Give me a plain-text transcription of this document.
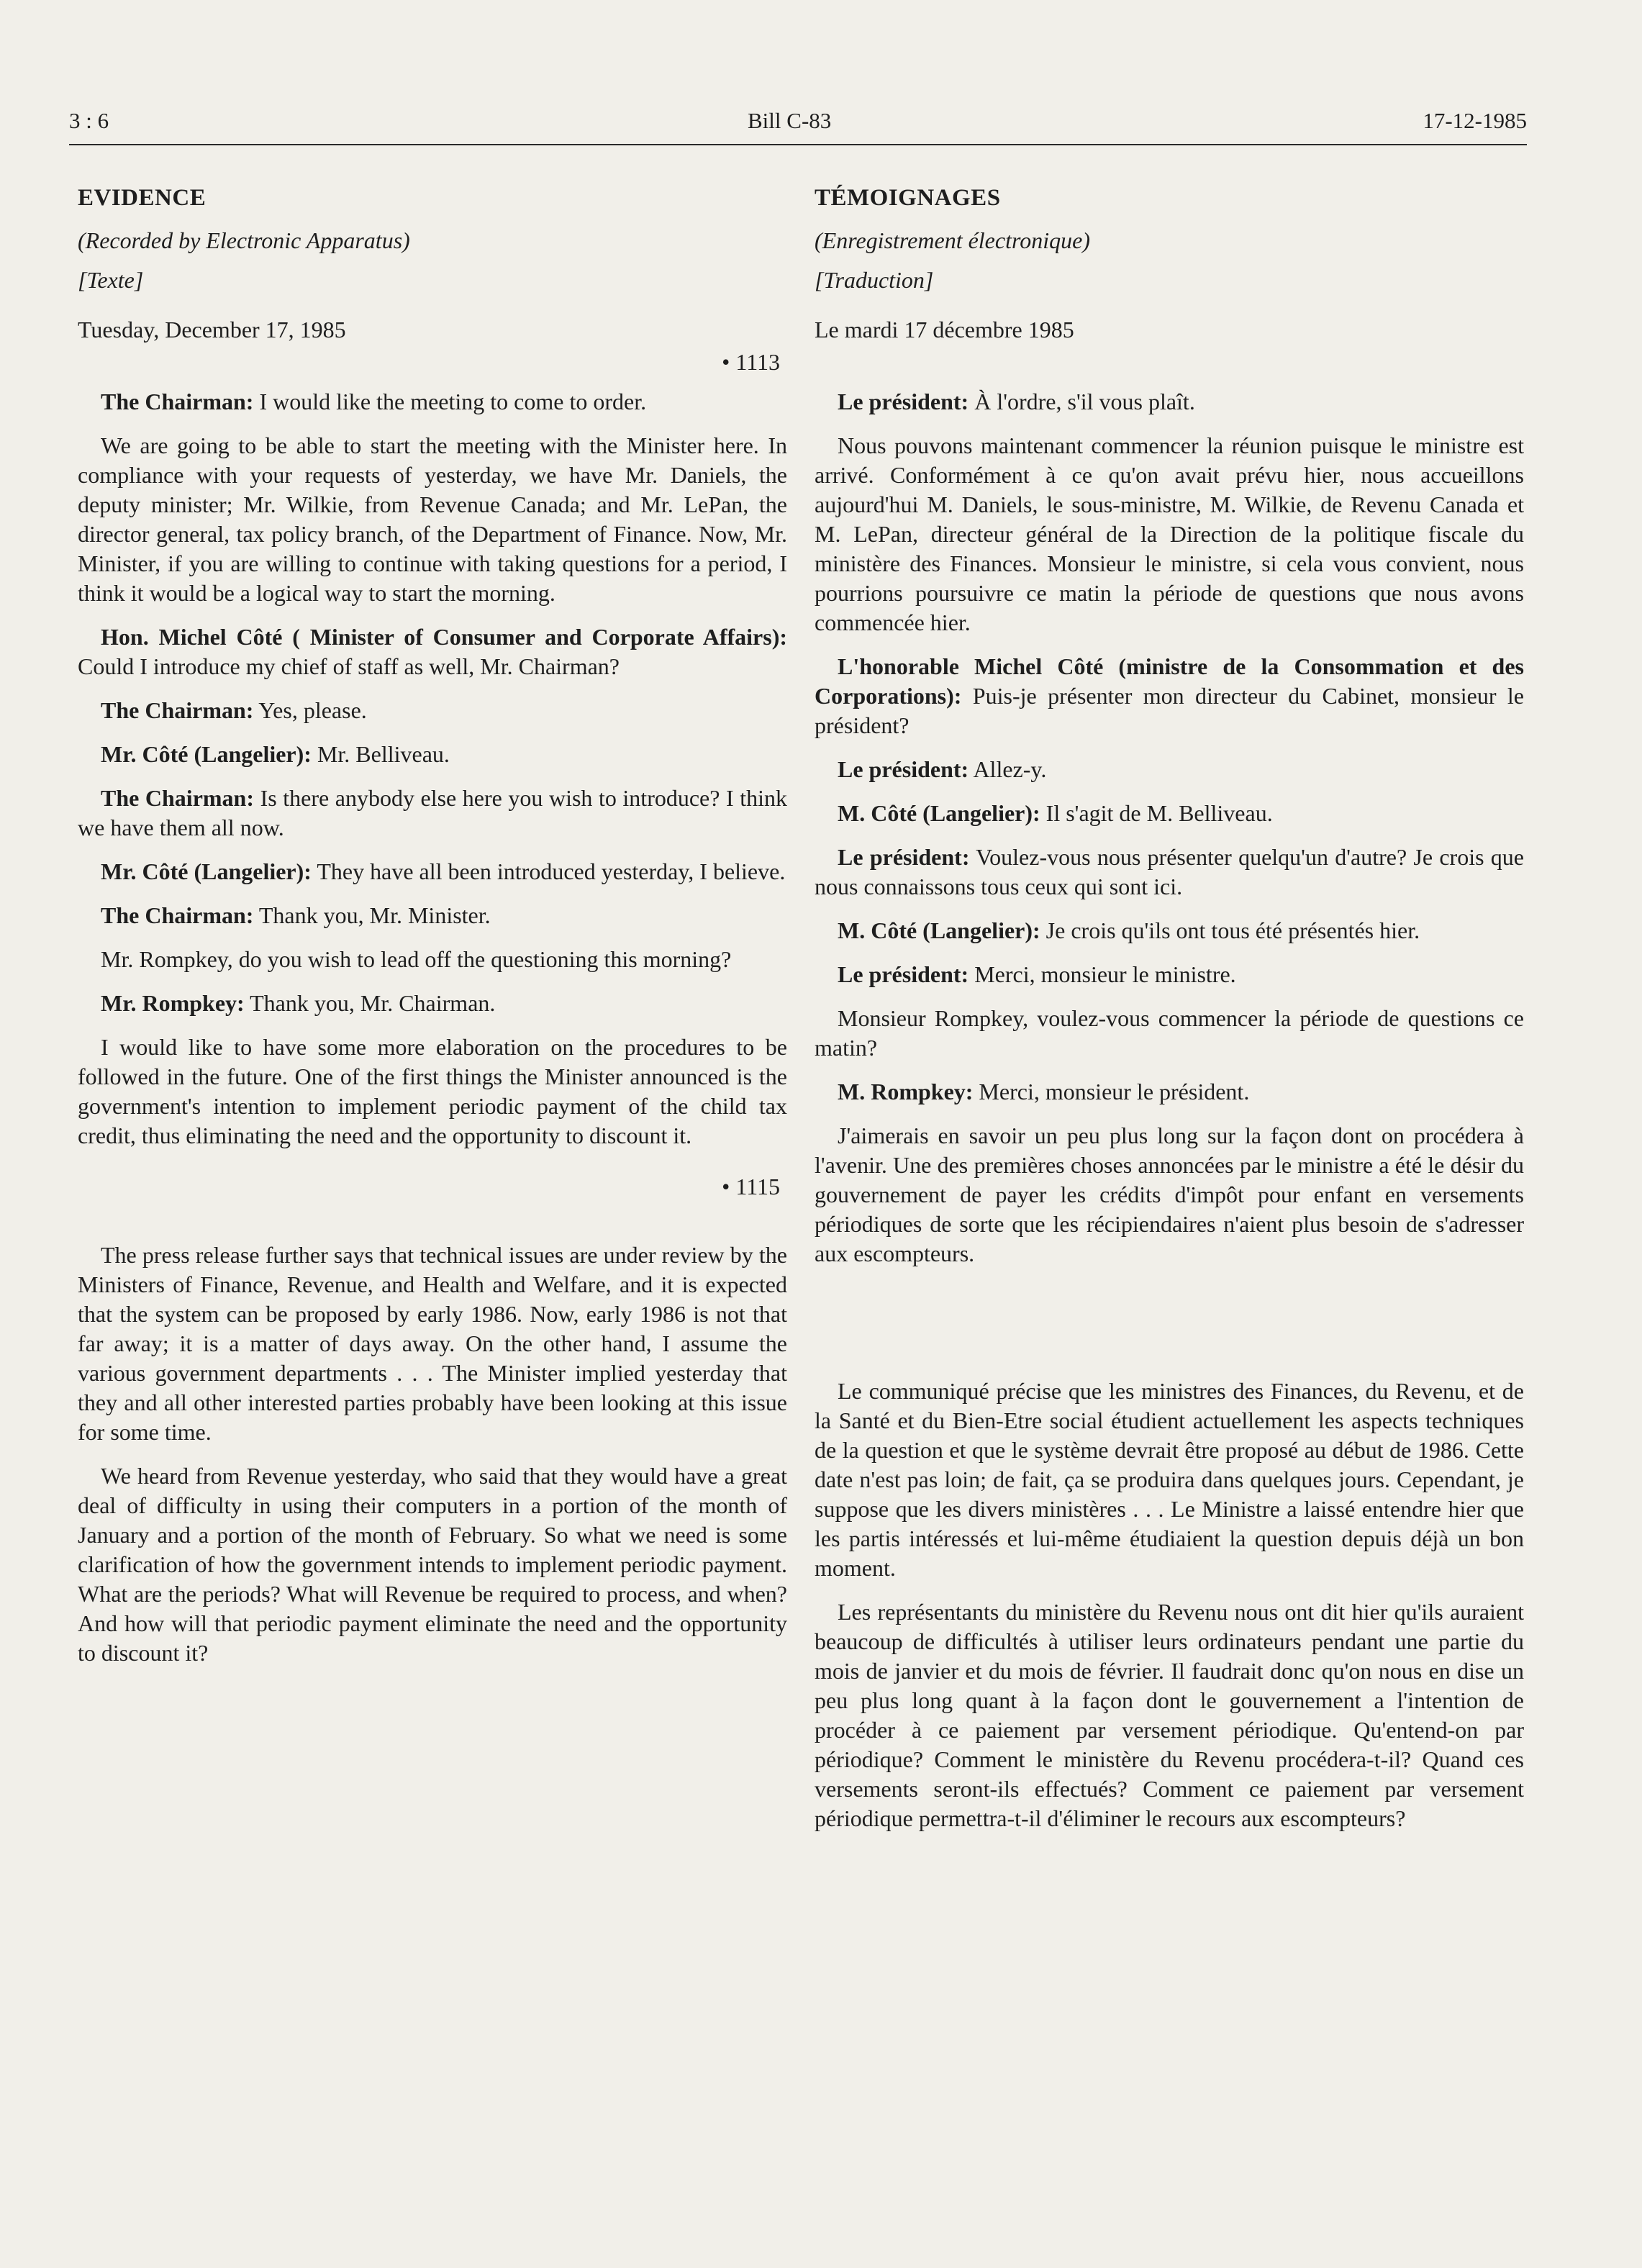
3 : 6	Bill C-83	17-12-1985
EVIDENCE
(Recorded by Electronic Apparatus)
[Texte]
Tuesday, December 17, 1985
• 1113

The Chairman: I would like the meeting to come to order.

We are going to be able to start the meeting with the Minister here. In compliance with your requests of yesterday, we have Mr. Daniels, the deputy minister; Mr. Wilkie, from Revenue Canada; and Mr. LePan, the director general, tax policy branch, of the Department of Finance. Now, Mr. Minister, if you are willing to continue with taking questions for a period, I think it would be a logical way to start the morning.

Hon. Michel Côté ( Minister of Consumer and Corporate Affairs): Could I introduce my chief of staff as well, Mr. Chairman?

The Chairman: Yes, please.

Mr. Côté (Langelier): Mr. Belliveau.

The Chairman: Is there anybody else here you wish to introduce? I think we have them all now.

Mr. Côté (Langelier): They have all been introduced yesterday, I believe.

The Chairman: Thank you, Mr. Minister.

Mr. Rompkey, do you wish to lead off the questioning this morning?

Mr. Rompkey: Thank you, Mr. Chairman.

I would like to have some more elaboration on the procedures to be followed in the future. One of the first things the Minister announced is the government's intention to implement periodic payment of the child tax credit, thus eliminating the need and the opportunity to discount it.

• 1115

The press release further says that technical issues are under review by the Ministers of Finance, Revenue, and Health and Welfare, and it is expected that the system can be proposed by early 1986. Now, early 1986 is not that far away; it is a matter of days away. On the other hand, I assume the various government departments . . . The Minister implied yesterday that they and all other interested parties probably have been looking at this issue for some time.

We heard from Revenue yesterday, who said that they would have a great deal of difficulty in using their computers in a portion of the month of January and a portion of the month of February. So what we need is some clarification of how the government intends to implement periodic payment. What are the periods? What will Revenue be required to process, and when? And how will that periodic payment eliminate the need and the opportunity to discount it?

TÉMOIGNAGES
(Enregistrement électronique)
[Traduction]
Le mardi 17 décembre 1985

Le président: À l'ordre, s'il vous plaît.

Nous pouvons maintenant commencer la réunion puisque le ministre est arrivé. Conformément à ce qu'on avait prévu hier, nous accueillons aujourd'hui M. Daniels, le sous-ministre, M. Wilkie, de Revenu Canada et M. LePan, directeur général de la Direction de la politique fiscale du ministère des Finances. Monsieur le ministre, si cela vous convient, nous pourrions poursuivre ce matin la période de questions que nous avons commencée hier.

L'honorable Michel Côté (ministre de la Consommation et des Corporations): Puis-je présenter mon directeur du Cabinet, monsieur le président?

Le président: Allez-y.

M. Côté (Langelier): Il s'agit de M. Belliveau.

Le président: Voulez-vous nous présenter quelqu'un d'autre? Je crois que nous connaissons tous ceux qui sont ici.

M. Côté (Langelier): Je crois qu'ils ont tous été présentés hier.

Le président: Merci, monsieur le ministre.

Monsieur Rompkey, voulez-vous commencer la période de questions ce matin?

M. Rompkey: Merci, monsieur le président.

J'aimerais en savoir un peu plus long sur la façon dont on procédera à l'avenir. Une des premières choses annoncées par le ministre a été le désir du gouvernement de payer les crédits d'impôt pour enfant en versements périodiques de sorte que les récipiendaires n'aient plus besoin de s'adresser aux escompteurs.

Le communiqué précise que les ministres des Finances, du Revenu, et de la Santé et du Bien-Etre social étudient actuellement les aspects techniques de la question et que le système devrait être proposé au début de 1986. Cette date n'est pas loin; de fait, ça se produira dans quelques jours. Cependant, je suppose que les divers ministères . . . Le Ministre a laissé entendre hier que les partis intéressés et lui-même étudiaient la question depuis déjà un bon moment.

Les représentants du ministère du Revenu nous ont dit hier qu'ils auraient beaucoup de difficultés à utiliser leurs ordinateurs pendant une partie du mois de janvier et du mois de février. Il faudrait donc qu'on nous en dise un peu plus long quant à la façon dont le gouvernement a l'intention de procéder à ce paiement par versement périodique. Qu'entend-on par périodique? Comment le ministère du Revenu procédera-t-il? Quand ces versements seront-ils effectués? Comment ce paiement par versement périodique permettra-t-il d'éliminer le recours aux escompteurs?
